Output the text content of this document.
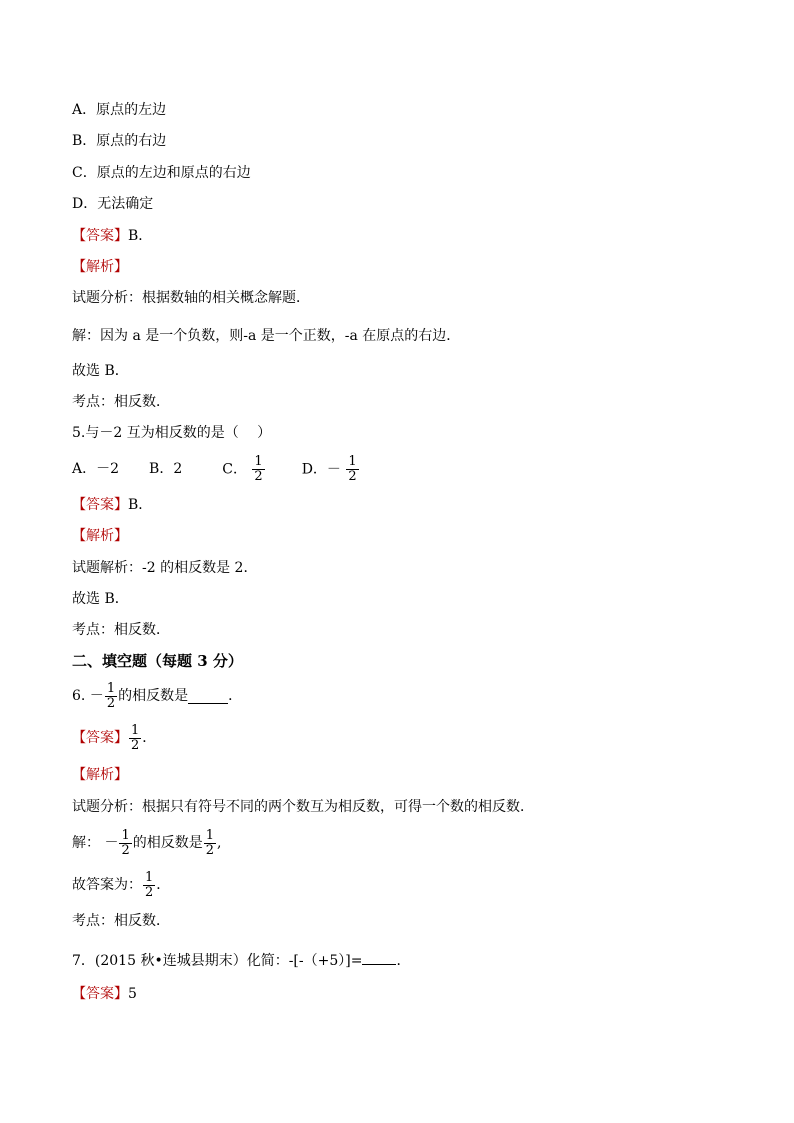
A．原点的左边
B．原点的右边
C．原点的左边和原点的右边
D．无法确定
【答案】B．
【解析】
试题分析：根据数轴的相关概念解题．
解：因为 a 是一个负数，则-a 是一个正数，-a 在原点的右边．
故选 B．
考点：相反数．
5.与－2 互为相反数的是（　 ）
A．－2 B．2	C． $\frac{1}{2}$	D．－ $\frac{1}{2}$
【答案】B．
【解析】
试题解析：-2 的相反数是 2．
故选 B．
考点：相反数．
二、填空题（每题 3 分）
6. － $\frac{1}{2}$ 的相反数是	．
【答案】 $\frac{1}{2}$ ．
【解析】
试题分析：根据只有符号不同的两个数互为相反数，可得一个数的相反数．
解： － $\frac{1}{2}$ 的相反数是 $\frac{1}{2}$ ,
故答案为： $\frac{1}{2}$ ．
考点：相反数．
7．(2015 秋•连城县期末）化简：-[-（+5）]= ．
【答案】5
